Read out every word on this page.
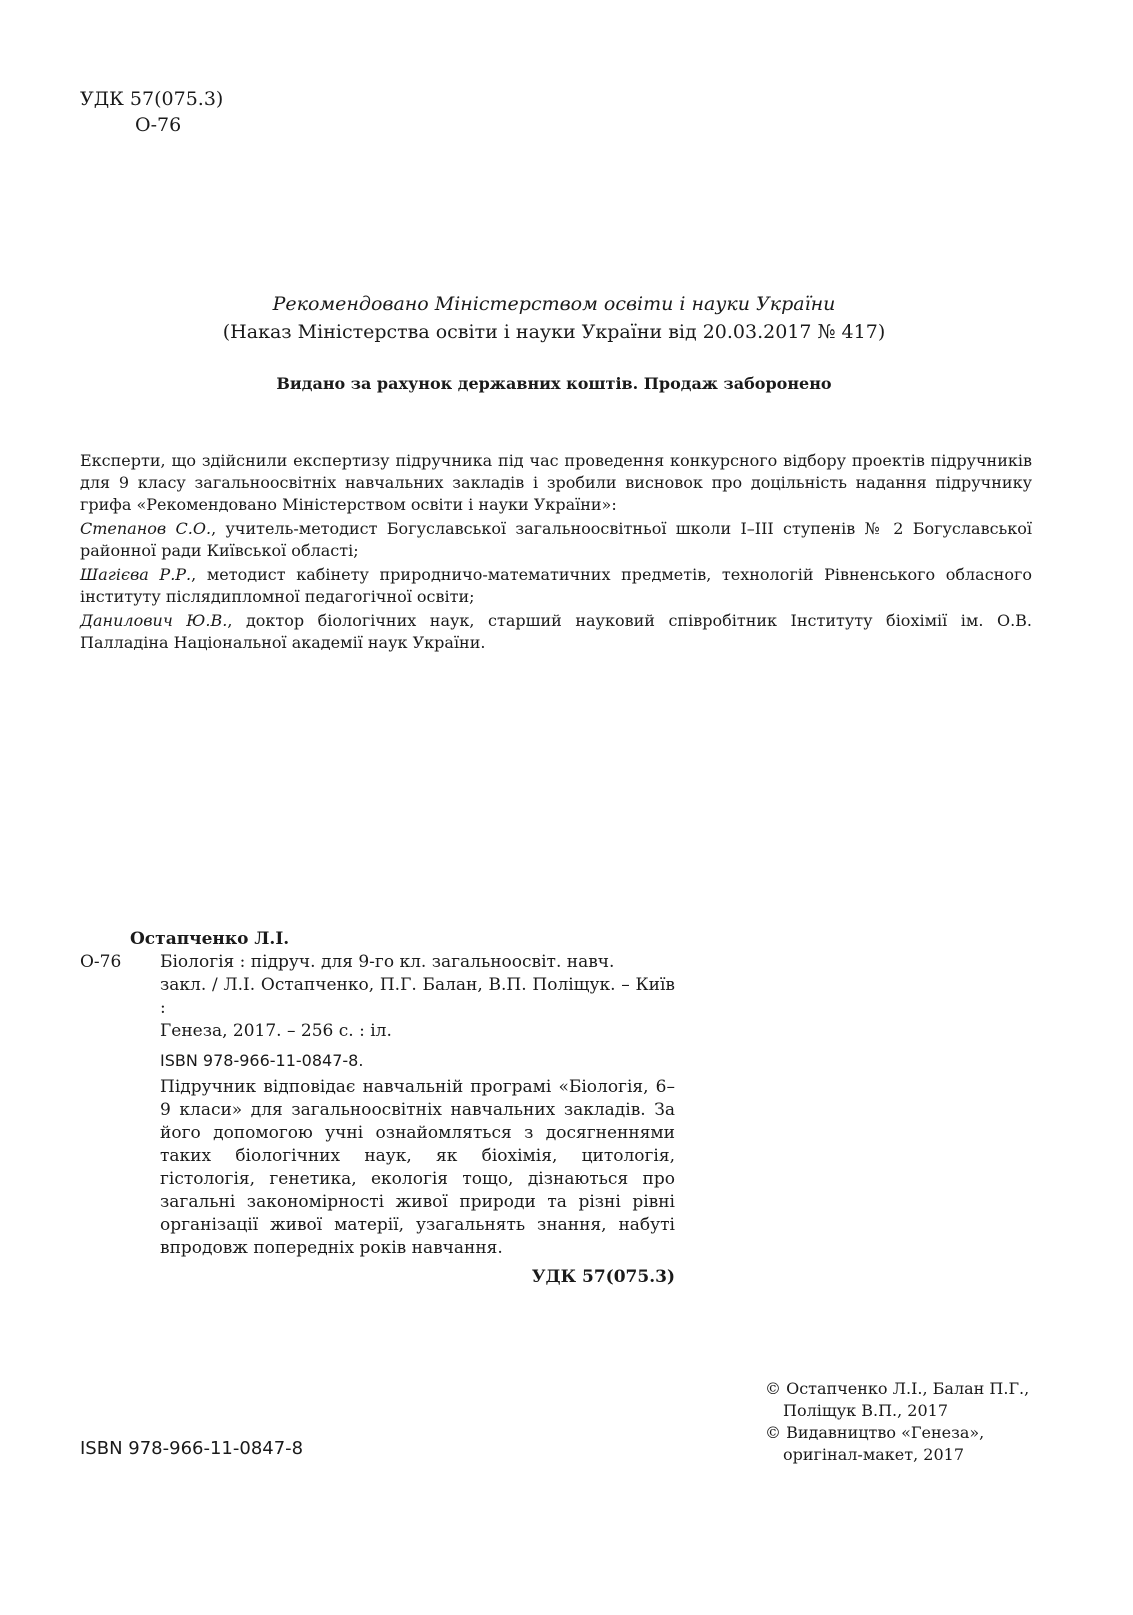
УДК 57(075.3)
О-76
Рекомендовано Міністерством освіти і науки України
(Наказ Міністерства освіти і науки України від 20.03.2017 № 417)
Видано за рахунок державних коштів. Продаж заборонено

Експерти, що здійснили експертизу підручника під час проведення конкурсного відбору проектів підручників для 9 класу загальноосвітніх навчальних закладів і зробили висновок про доцільність надання підручнику грифа «Рекомендовано Міністерством освіти і науки України»:

Степанов С.О., учитель-методист Богуславської загальноосвітньої школи І–ІІІ ступенів № 2 Богуславської районної ради Київської області;

Шагієва Р.Р., методист кабінету природничо-математичних предметів, технологій Рівненського обласного інституту післядипломної педагогічної освіти;

Данилович Ю.В., доктор біологічних наук, старший науковий співробітник Інституту біохімії ім. О.В. Палладіна Національної академії наук України.

Остапченко Л.І.
О-76	Біологія : підруч. для 9-го кл. загальноосвіт. навч.
закл. / Л.І. Остапченко, П.Г. Балан, В.П. Поліщук. – Київ :
Генеза, 2017. – 256 с. : іл.
ISBN 978-966-11-0847-8.
Підручник відповідає навчальній програмі «Біологія, 6–9 класи» для загальноосвітніх навчальних закладів. За його допомогою учні ознайомляться з досягненнями таких біологічних наук, як біохімія, цитологія, гістологія, генетика, екологія тощо, дізнаються про загальні закономірності живої природи та різні рівні організації живої матерії, узагальнять знання, набуті впродовж попередніх років навчання.
УДК 57(075.3)
© Остапченко Л.І., Балан П.Г.,
Поліщук В.П., 2017
© Видавництво «Генеза»,
оригінал-макет, 2017
ISBN 978-966-11-0847-8
